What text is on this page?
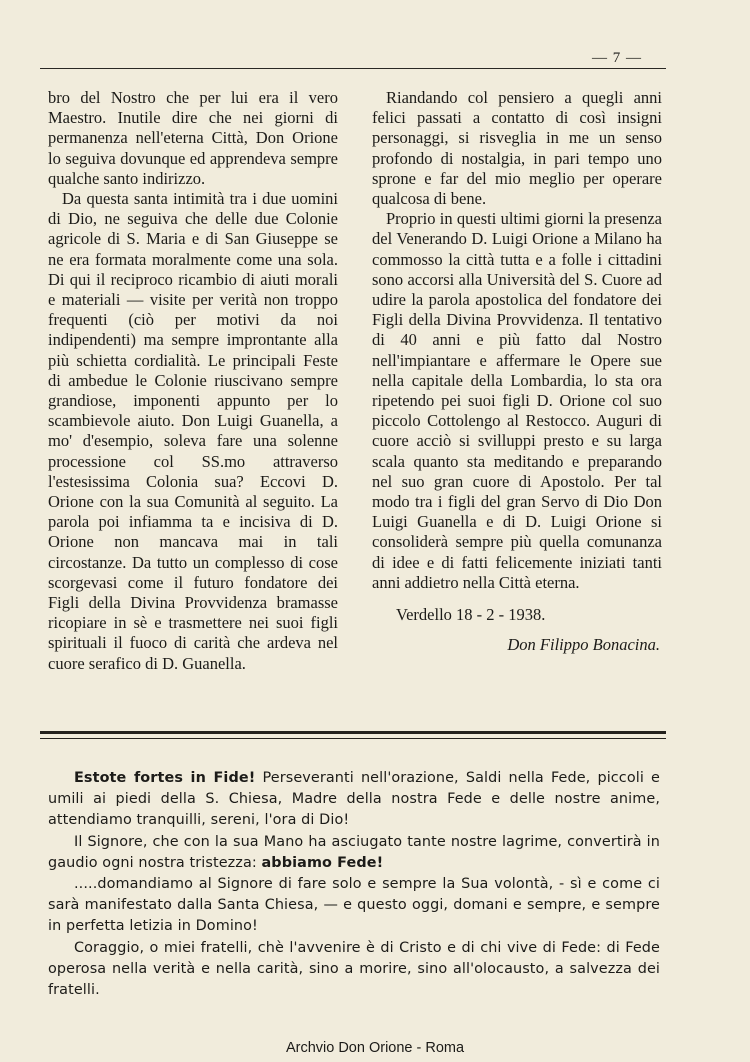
— 7 —

bro del Nostro che per lui era il vero Maestro. Inutile dire che nei giorni di permanenza nell'eterna Città, Don Orione lo seguiva dovunque ed apprendeva sempre qualche santo indirizzo.

Da questa santa intimità tra i due uomini di Dio, ne seguiva che delle due Colonie agricole di S. Maria e di San Giuseppe se ne era formata moralmente come una sola. Di qui il reciproco ricambio di aiuti morali e materiali — visite per verità non troppo frequenti (ciò per motivi da noi indipendenti) ma sempre improntante alla più schietta cordialità. Le principali Feste di ambedue le Colonie riuscivano sempre grandiose, imponenti appunto per lo scambievole aiuto. Don Luigi Guanella, a mo' d'esempio, soleva fare una solenne processione col SS.mo attraverso l'estesissima Colonia sua? Eccovi D. Orione con la sua Comunità al seguito. La parola poi infiamma ta e incisiva di D. Orione non mancava mai in tali circostanze. Da tutto un complesso di cose scorgevasi come il futuro fondatore dei Figli della Divina Provvidenza bramasse ricopiare in sè e trasmettere nei suoi figli spirituali il fuoco di carità che ardeva nel cuore serafico di D. Guanella.

Riandando col pensiero a quegli anni felici passati a contatto di così insigni personaggi, si risveglia in me un senso profondo di nostalgia, in pari tempo uno sprone e far del mio meglio per operare qualcosa di bene.

Proprio in questi ultimi giorni la presenza del Venerando D. Luigi Orione a Milano ha commosso la città tutta e a folle i cittadini sono accorsi alla Università del S. Cuore ad udire la parola apostolica del fondatore dei Figli della Divina Provvidenza. Il tentativo di 40 anni e più fatto dal Nostro nell'impiantare e affermare le Opere sue nella capitale della Lombardia, lo sta ora ripetendo pei suoi figli D. Orione col suo piccolo Cottolengo al Restocco. Auguri di cuore acciò si svilluppi presto e su larga scala quanto sta meditando e preparando nel suo gran cuore di Apostolo. Per tal modo tra i figli del gran Servo di Dio Don Luigi Guanella e di D. Luigi Orione si consoliderà sempre più quella comunanza di idee e di fatti felicemente iniziati tanti anni addietro nella Città eterna.

Verdello 18 - 2 - 1938.

Don Filippo Bonacina.

Estote fortes in Fide! Perseveranti nell'orazione, Saldi nella Fede, piccoli e umili ai piedi della S. Chiesa, Madre della nostra Fede e delle nostre anime, attendiamo tranquilli, sereni, l'ora di Dio!

Il Signore, che con la sua Mano ha asciugato tante nostre lagrime, convertirà in gaudio ogni nostra tristezza: abbiamo Fede!

.....domandiamo al Signore di fare solo e sempre la Sua volontà, - sì e come ci sarà manifestato dalla Santa Chiesa, — e questo oggi, domani e sempre, e sempre in perfetta letizia in Domino!

Coraggio, o miei fratelli, chè l'avvenire è di Cristo e di chi vive di Fede: di Fede operosa nella verità e nella carità, sino a morire, sino all'olocausto, a salvezza dei fratelli.

Archvio Don Orione - Roma
